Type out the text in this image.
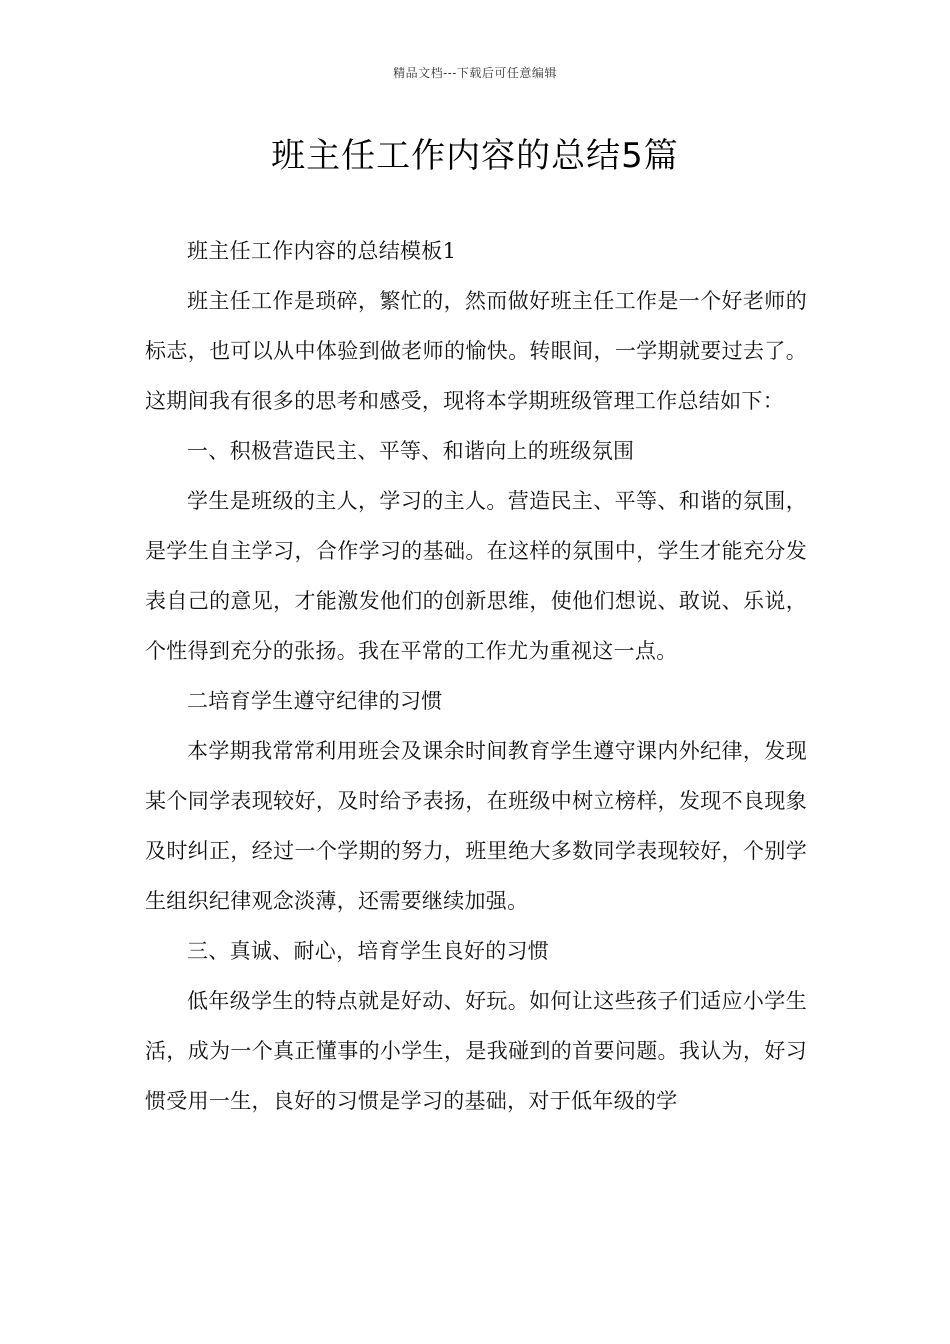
精品文档---下载后可任意编辑
班主任工作内容的总结5篇

班主任工作内容的总结模板1

班主任工作是琐碎，繁忙的，然而做好班主任工作是一个好老师的标志，也可以从中体验到做老师的愉快。转眼间，一学期就要过去了。这期间我有很多的思考和感受，现将本学期班级管理工作总结如下：

一、积极营造民主、平等、和谐向上的班级氛围

学生是班级的主人，学习的主人。营造民主、平等、和谐的氛围，是学生自主学习，合作学习的基础。在这样的氛围中，学生才能充分发表自己的意见，才能激发他们的创新思维，使他们想说、敢说、乐说，个性得到充分的张扬。我在平常的工作尤为重视这一点。

二培育学生遵守纪律的习惯

本学期我常常利用班会及课余时间教育学生遵守课内外纪律，发现某个同学表现较好，及时给予表扬，在班级中树立榜样，发现不良现象及时纠正，经过一个学期的努力，班里绝大多数同学表现较好，个别学生组织纪律观念淡薄，还需要继续加强。

三、真诚、耐心，培育学生良好的习惯

低年级学生的特点就是好动、好玩。如何让这些孩子们适应小学生活，成为一个真正懂事的小学生，是我碰到的首要问题。我认为，好习惯受用一生，良好的习惯是学习的基础，对于低年级的学
